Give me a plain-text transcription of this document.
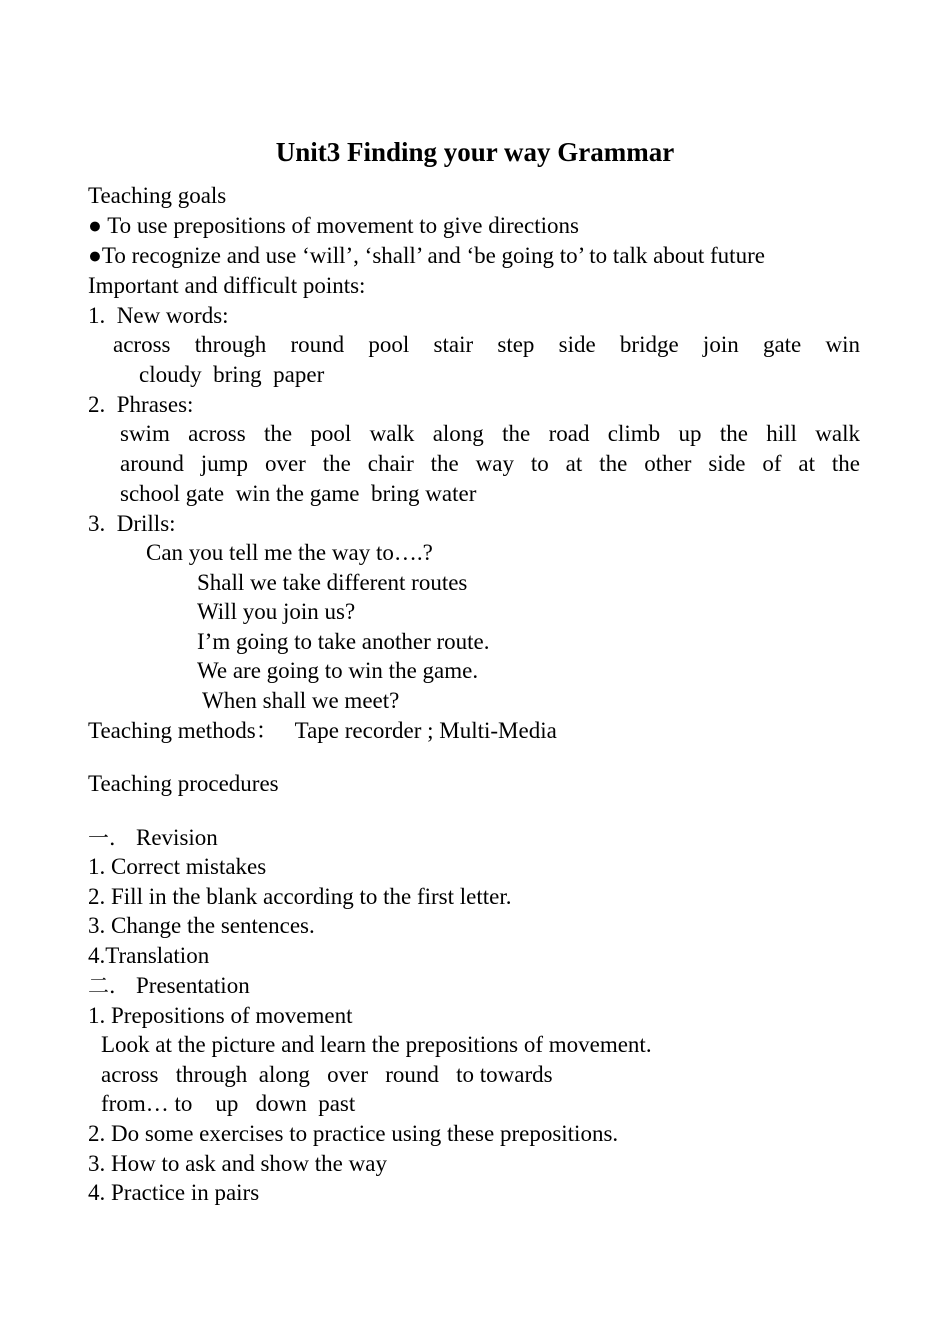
Unit3 Finding your way Grammar
Teaching goals
● To use prepositions of movement to give directions
●To recognize and use ‘will’, ‘shall’ and ‘be going to’ to talk about future
Important and difficult points:
1.  New words:
across through round pool stair step side bridge join gate win
cloudy  bring  paper
2.  Phrases:
swim across the pool walk along the road climb up the hill walk
around jump over the chair the way to at the other side of at the
school gate  win the game  bring water
3.  Drills:
Can you tell me the way to….?
Shall we take different routes
Will you join us?
I’m going to take another route.
We are going to win the game.
When shall we meet?
Teaching methods： Tape recorder ; Multi-Media
Teaching procedures
一． Revision
1. Correct mistakes
2. Fill in the blank according to the first letter.
3. Change the sentences.
4.Translation
二． Presentation
1. Prepositions of movement
Look at the picture and learn the prepositions of movement.
across   through  along   over   round   to towards
from… to    up   down  past
2. Do some exercises to practice using these prepositions.
3. How to ask and show the way
4. Practice in pairs
